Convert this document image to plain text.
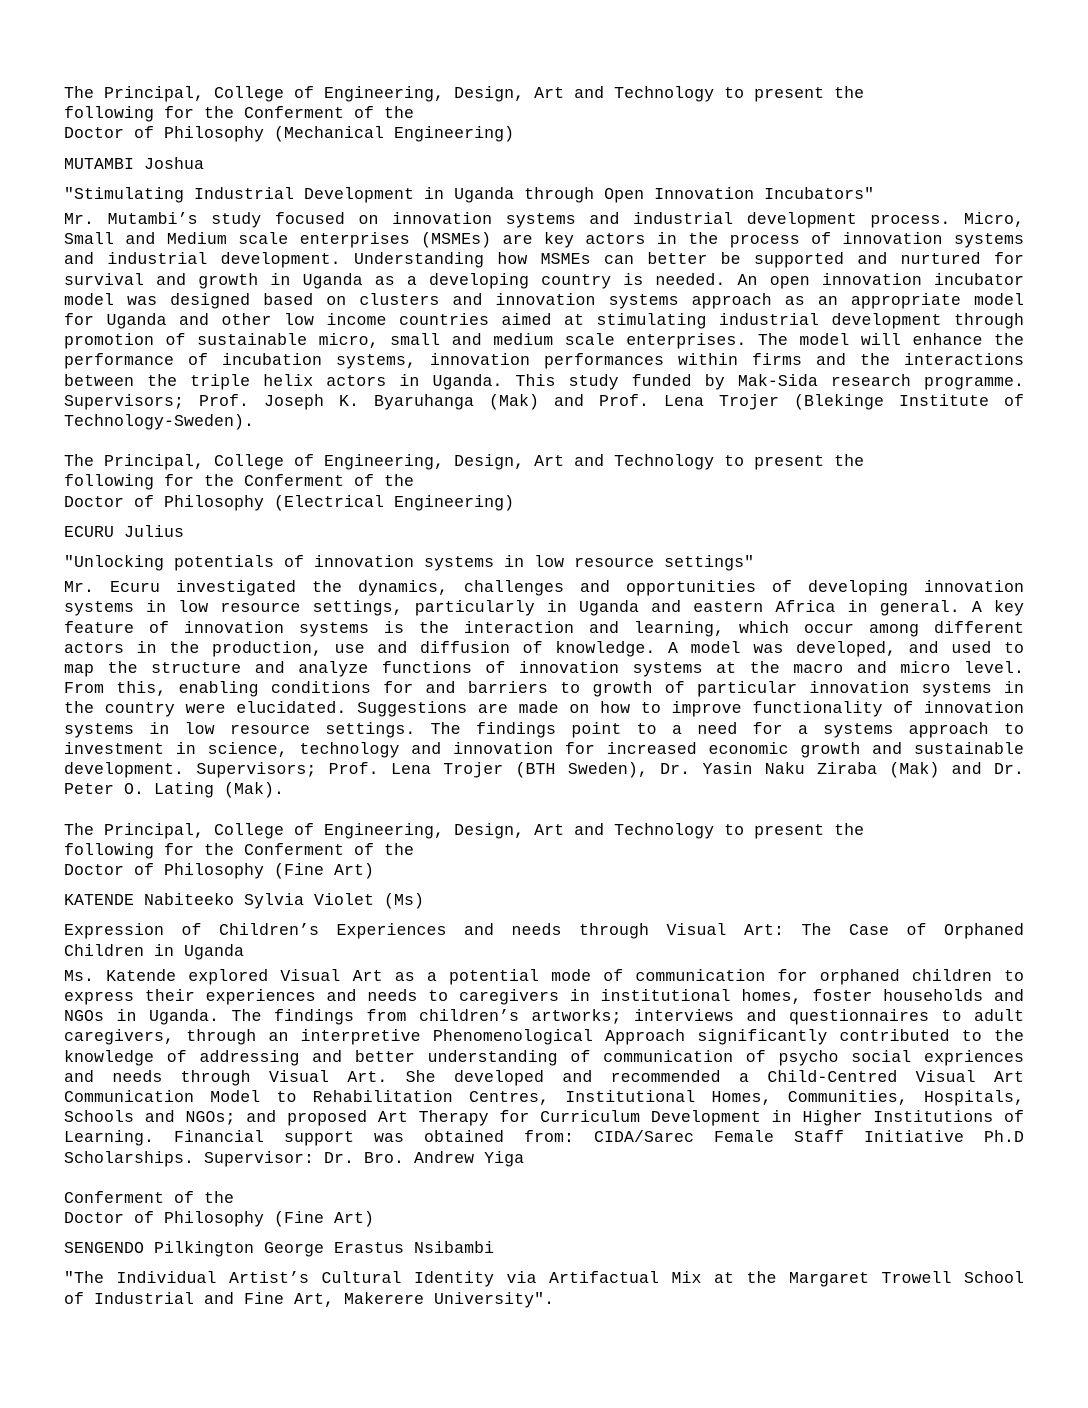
The Principal, College of Engineering, Design, Art and Technology to present the
following for the Conferment of the
Doctor of Philosophy (Mechanical Engineering)
MUTAMBI Joshua
"Stimulating Industrial Development in Uganda through Open Innovation Incubators"
Mr. Mutambi’s study focused on innovation systems and industrial development process. Micro, Small and Medium scale enterprises (MSMEs) are key actors in the process of innovation systems and industrial development. Understanding how MSMEs can better be supported and nurtured for survival and growth in Uganda as a developing country is needed. An open innovation incubator model was designed based on clusters and innovation systems approach as an appropriate model for Uganda and other low income countries aimed at stimulating industrial development through promotion of sustainable micro, small and medium scale enterprises. The model will enhance the performance of incubation systems, innovation performances within firms and the interactions between the triple helix actors in Uganda. This study funded by Mak-Sida research programme. Supervisors; Prof. Joseph K. Byaruhanga (Mak) and Prof. Lena Trojer (Blekinge Institute of Technology-Sweden).
The Principal, College of Engineering, Design, Art and Technology to present the
following for the Conferment of the
Doctor of Philosophy (Electrical Engineering)
ECURU Julius
"Unlocking potentials of innovation systems in low resource settings"
Mr. Ecuru investigated the dynamics, challenges and opportunities of developing innovation systems in low resource settings, particularly in Uganda and eastern Africa in general. A key feature of innovation systems is the interaction and learning, which occur among different actors in the production, use and diffusion of knowledge. A model was developed, and used to map the structure and analyze functions of innovation systems at the macro and micro level. From this, enabling conditions for and barriers to growth of particular innovation systems in the country were elucidated. Suggestions are made on how to improve functionality of innovation systems in low resource settings. The findings point to a need for a systems approach to investment in science, technology and innovation for increased economic growth and sustainable development. Supervisors; Prof. Lena Trojer (BTH Sweden), Dr. Yasin Naku Ziraba (Mak) and Dr. Peter O. Lating (Mak).
The Principal, College of Engineering, Design, Art and Technology to present the
following for the Conferment of the
Doctor of Philosophy (Fine Art)
KATENDE Nabiteeko Sylvia Violet (Ms)
Expression of Children’s Experiences and needs through Visual Art: The Case of Orphaned Children in Uganda
Ms. Katende explored Visual Art as a potential mode of communication for orphaned children to express their experiences and needs to caregivers in institutional homes, foster households and NGOs in Uganda. The findings from children’s artworks; interviews and questionnaires to adult caregivers, through an interpretive Phenomenological Approach significantly contributed to the knowledge of addressing and better understanding of communication of psycho social expriences and needs through Visual Art. She developed and recommended a Child-Centred Visual Art Communication Model to Rehabilitation Centres, Institutional Homes, Communities, Hospitals, Schools and NGOs; and proposed Art Therapy for Curriculum Development in Higher Institutions of Learning. Financial support was obtained from: CIDA/Sarec Female Staff Initiative Ph.D Scholarships. Supervisor: Dr. Bro. Andrew Yiga
Conferment of the
Doctor of Philosophy (Fine Art)
SENGENDO Pilkington George Erastus Nsibambi
"The Individual Artist’s Cultural Identity via Artifactual Mix at the Margaret Trowell School of Industrial and Fine Art, Makerere University".
